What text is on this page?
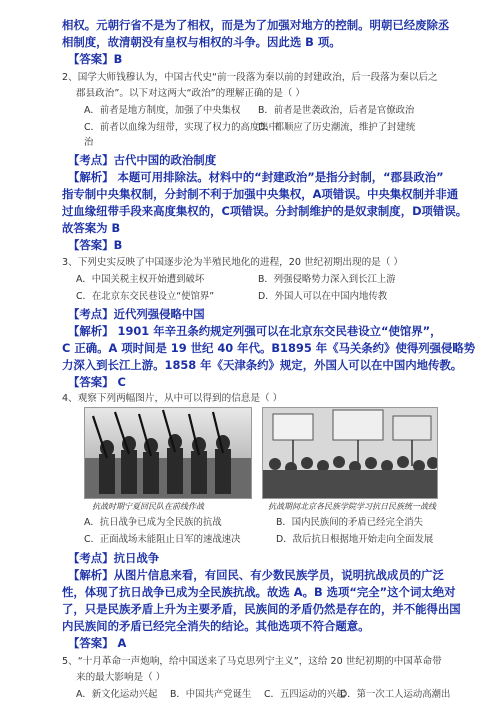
相权。元朝行省不是为了相权，而是为了加强对地方的控制。明朝已经废除丞
相制度，故清朝没有皇权与相权的斗争。因此选 B 项。
【答案】B
2、国学大师钱穆认为，中国古代史“前一段落为秦以前的封建政治，后一段落为秦以后之
郡县政治”。以下对这两大“政治”的理解正确的是（ ）
A．前者是地方制度，加强了中央集权 B．前者是世袭政治，后者是官僚政治
C．前者以血缘为纽带，实现了权力的高度集中
D．都顺应了历史潮流，维护了封建统
治
【考点】古代中国的政治制度
【解析】 本题可用排除法。材料中的“封建政治”是指分封制，“郡县政治”
指专制中央集权制，分封制不利于加强中央集权，A项错误。中央集权制并非通
过血缘纽带手段来高度集权的，C项错误。分封制维护的是奴隶制度，D项错误。
故答案为 B
【答案】B
3、下列史实反映了中国逐步沦为半殖民地化的进程，20 世纪初期出现的是（ ）
A．中国关税主权开始遭到破坏	B．列强侵略势力深入到长江上游
C．在北京东交民巷设立“使馆界”	D．外国人可以在中国内地传教
【考点】近代列强侵略中国
【解析】 1901 年辛丑条约规定列强可以在北京东交民巷设立“使馆界”，
C 正确。A 项时间是 19 世纪 40 年代。B1895 年《马关条约》使得列强侵略势
力深入到长江上游。1858 年《天津条约》规定，外国人可以在中国内地传教。
【答案】 C
4、观察下列两幅图片，从中可以得到的信息是（ ）
抗战时期宁夏回民队在前线作战	抗战期间北京各民族学院学习抗日民族统一战线
A．抗日战争已成为全民族的抗战	B．国内民族间的矛盾已经完全消失
C．正面战场未能阻止日军的速战速决	D．敌后抗日根据地开始走向全面发展
【考点】抗日战争
【解析】从图片信息来看，有回民、有少数民族学员，说明抗战成员的广泛
性，体现了抗日战争已成为全民族抗战。故选 A。B 选项“完全”这个词太绝对
了，只是民族矛盾上升为主要矛盾，民族间的矛盾仍然是存在的，并不能得出国
内民族间的矛盾已经完全消失的结论。其他选项不符合题意。
【答案】 A
5、“十月革命一声炮响，给中国送来了马克思列宁主义”，这给 20 世纪初期的中国革命带
来的最大影响是（ ）
A．新文化运动兴起 B．中国共产党诞生 C．五四运动的兴起
D．第一次工人运动高潮出
